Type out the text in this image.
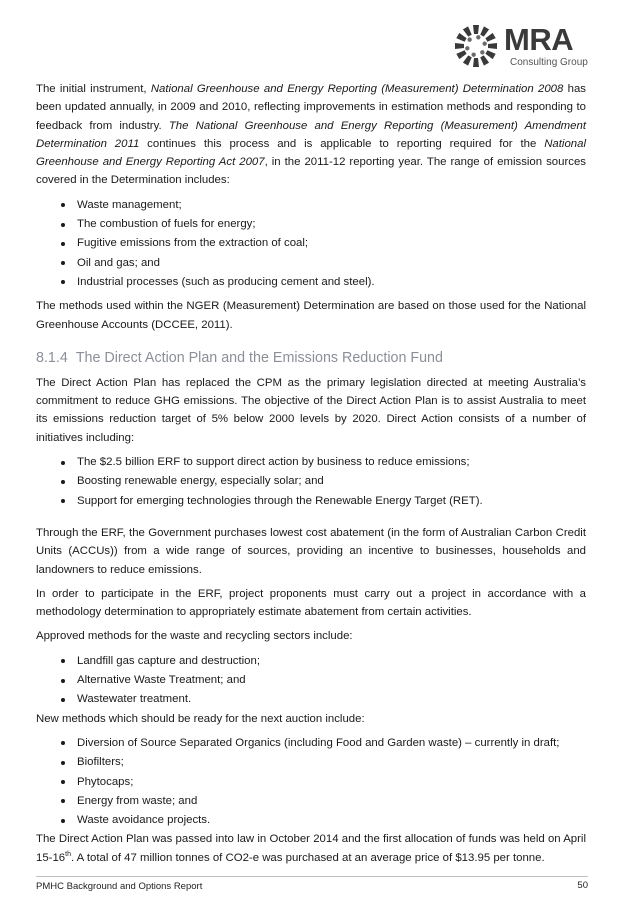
MRA
Consulting Group

The initial instrument, National Greenhouse and Energy Reporting (Measurement) Determination 2008 has been updated annually, in 2009 and 2010, reflecting improvements in estimation methods and responding to feedback from industry. The National Greenhouse and Energy Reporting (Measurement) Amendment Determination 2011 continues this process and is applicable to reporting required for the National Greenhouse and Energy Reporting Act 2007, in the 2011-12 reporting year. The range of emission sources covered in the Determination includes:

Waste management;
The combustion of fuels for energy;
Fugitive emissions from the extraction of coal;
Oil and gas; and
Industrial processes (such as producing cement and steel).

The methods used within the NGER (Measurement) Determination are based on those used for the National Greenhouse Accounts (DCCEE, 2011).

8.1.4 The Direct Action Plan and the Emissions Reduction Fund

The Direct Action Plan has replaced the CPM as the primary legislation directed at meeting Australia’s commitment to reduce GHG emissions. The objective of the Direct Action Plan is to assist Australia to meet its emissions reduction target of 5% below 2000 levels by 2020. Direct Action consists of a number of initiatives including:

The $2.5 billion ERF to support direct action by business to reduce emissions;
Boosting renewable energy, especially solar; and
Support for emerging technologies through the Renewable Energy Target (RET).

Through the ERF, the Government purchases lowest cost abatement (in the form of Australian Carbon Credit Units (ACCUs)) from a wide range of sources, providing an incentive to businesses, households and landowners to reduce emissions.

In order to participate in the ERF, project proponents must carry out a project in accordance with a methodology determination to appropriately estimate abatement from certain activities.

Approved methods for the waste and recycling sectors include:

Landfill gas capture and destruction;
Alternative Waste Treatment; and
Wastewater treatment.

New methods which should be ready for the next auction include:

Diversion of Source Separated Organics (including Food and Garden waste) – currently in draft;
Biofilters;
Phytocaps;
Energy from waste; and
Waste avoidance projects.

The Direct Action Plan was passed into law in October 2014 and the first allocation of funds was held on April 15-16th. A total of 47 million tonnes of CO2-e was purchased at an average price of $13.95 per tonne.

PMHC Background and Options Report	50
